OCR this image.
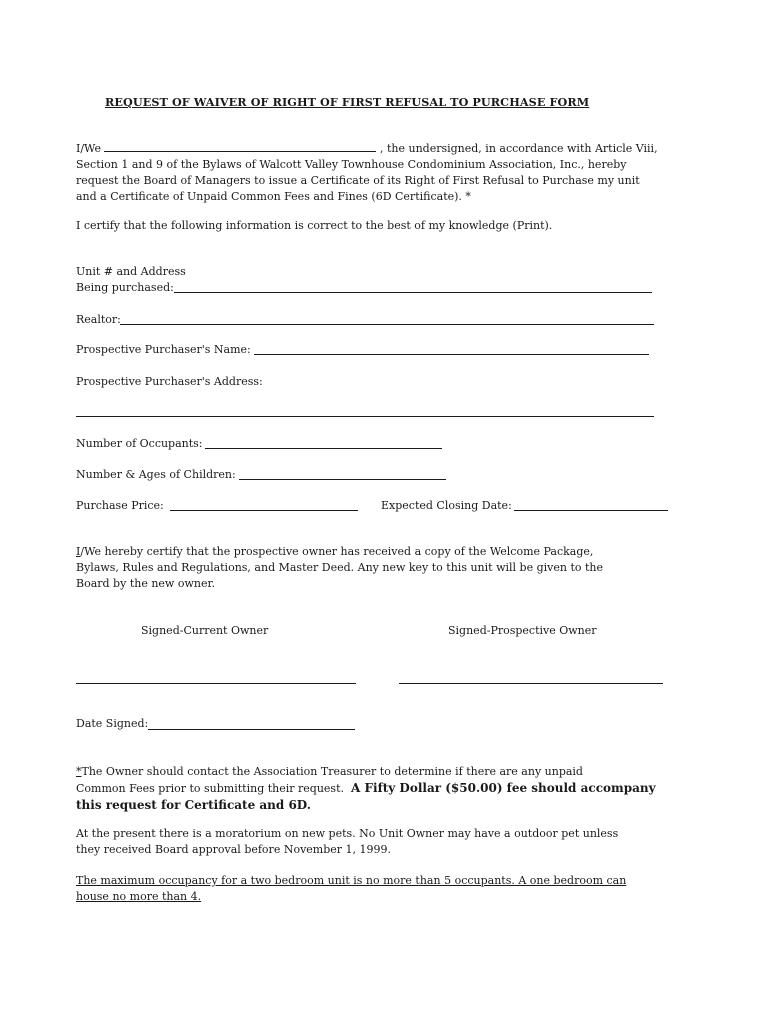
REQUEST OF WAIVER OF RIGHT OF FIRST REFUSAL TO PURCHASE FORM
I/We	, the undersigned, in accordance with Article Viii,
Section 1 and 9 of the Bylaws of Walcott Valley Townhouse Condominium Association, Inc., hereby
request the Board of Managers to issue a Certificate of its Right of First Refusal to Purchase my unit
and a Certificate of Unpaid Common Fees and Fines (6D Certificate). *
I certify that the following information is correct to the best of my knowledge (Print).
Unit # and Address
Being purchased:
Realtor:
Prospective Purchaser's Name:
Prospective Purchaser's Address:
Number of Occupants:
Number & Ages of Children:
Purchase Price:	Expected Closing Date:
I/We hereby certify that the prospective owner has received a copy of the Welcome Package,
Bylaws, Rules and Regulations, and Master Deed. Any new key to this unit will be given to the
Board by the new owner.
Signed-Current Owner	Signed-Prospective Owner
Date Signed:
*The Owner should contact the Association Treasurer to determine if there are any unpaid
Common Fees prior to submitting their request. A Fifty Dollar ($50.00) fee should accompany
this request for Certificate and 6D.
At the present there is a moratorium on new pets. No Unit Owner may have a outdoor pet unless
they received Board approval before November 1, 1999.
The maximum occupancy for a two bedroom unit is no more than 5 occupants. A one bedroom can
house no more than 4.
